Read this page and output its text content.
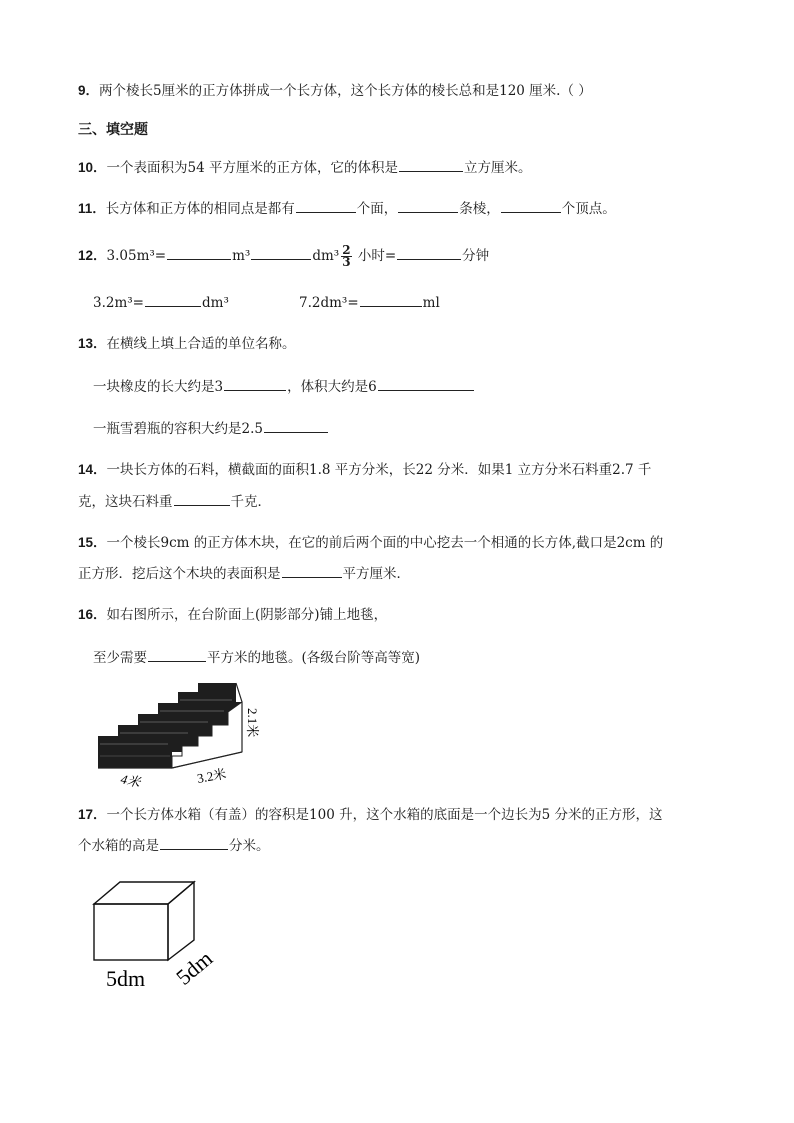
9．两个棱长5厘米的正方体拼成一个长方体，这个长方体的棱长总和是120 厘米.（ ）
三、填空题
10．一个表面积为54 平方厘米的正方体，它的体积是	立方厘米。
11．长方体和正方体的相同点是都有	个面，	条棱，	个顶点。
12．3.05m³=	m³	$dm^3 \frac{2}{3}$ 小时=	分钟
3.2m³=	dm³	7.2dm³=	ml
13．在横线上填上合适的单位名称。
一块橡皮的长大约是3	，体积大约是6
一瓶雪碧瓶的容积大约是2.5
14．一块长方体的石料，横截面的面积1.8 平方分米，长22 分米．如果1 立方分米石料重2.7 千
克，这块石料重	千克．
15．一个棱长9cm 的正方体木块，在它的前后两个面的中心挖去一个相通的长方体,截口是2cm 的
正方形．挖后这个木块的表面积是	平方厘米．
16．如右图所示，在台阶面上(阴影部分)铺上地毯，
至少需要	平方米的地毯。(各级台阶等高等宽)
4米	3.2米
2.1米
17．一个长方体水箱（有盖）的容积是100 升，这个水箱的底面是一个边长为5 分米的正方形，这
个水箱的高是	分米。
5dm 5dm
